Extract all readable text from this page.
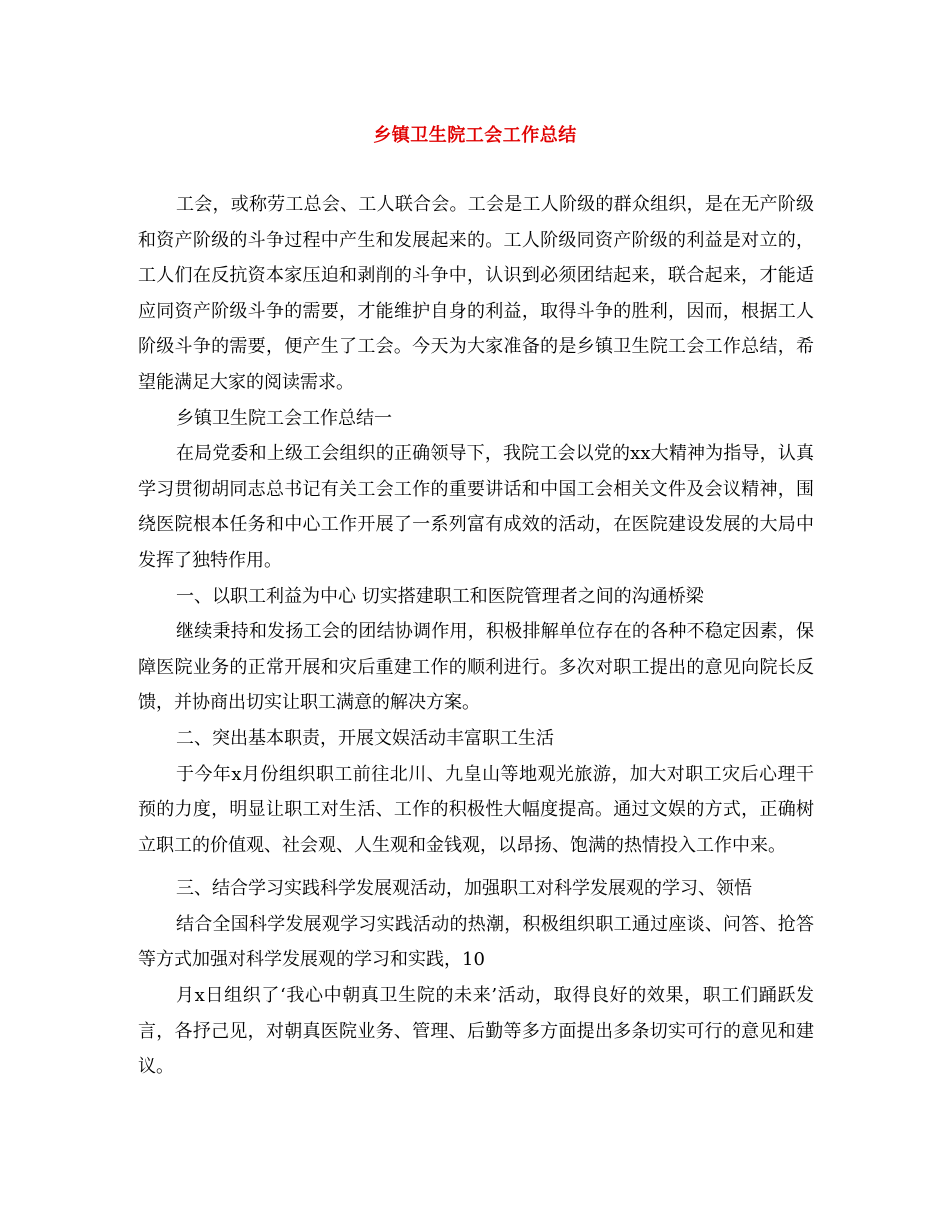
乡镇卫生院工会工作总结

工会，或称劳工总会、工人联合会。工会是工人阶级的群众组织，是在无产阶级和资产阶级的斗争过程中产生和发展起来的。工人阶级同资产阶级的利益是对立的，工人们在反抗资本家压迫和剥削的斗争中，认识到必须团结起来，联合起来，才能适应同资产阶级斗争的需要，才能维护自身的利益，取得斗争的胜利，因而，根据工人阶级斗争的需要，便产生了工会。今天为大家准备的是乡镇卫生院工会工作总结，希望能满足大家的阅读需求。

乡镇卫生院工会工作总结一

在局党委和上级工会组织的正确领导下，我院工会以党的xx大精神为指导，认真学习贯彻胡同志总书记有关工会工作的重要讲话和中国工会相关文件及会议精神，围绕医院根本任务和中心工作开展了一系列富有成效的活动，在医院建设发展的大局中发挥了独特作用。

一、以职工利益为中心 切实搭建职工和医院管理者之间的沟通桥梁

继续秉持和发扬工会的团结协调作用，积极排解单位存在的各种不稳定因素，保障医院业务的正常开展和灾后重建工作的顺利进行。多次对职工提出的意见向院长反馈，并协商出切实让职工满意的解决方案。

二、突出基本职责，开展文娱活动丰富职工生活

于今年x月份组织职工前往北川、九皇山等地观光旅游，加大对职工灾后心理干预的力度，明显让职工对生活、工作的积极性大幅度提高。通过文娱的方式，正确树立职工的价值观、社会观、人生观和金钱观，以昂扬、饱满的热情投入工作中来。

三、结合学习实践科学发展观活动，加强职工对科学发展观的学习、领悟

结合全国科学发展观学习实践活动的热潮，积极组织职工通过座谈、问答、抢答等方式加强对科学发展观的学习和实践，10

月x日组织了‘我心中朝真卫生院的未来’活动，取得良好的效果，职工们踊跃发言，各抒己见，对朝真医院业务、管理、后勤等多方面提出多条切实可行的意见和建议。
